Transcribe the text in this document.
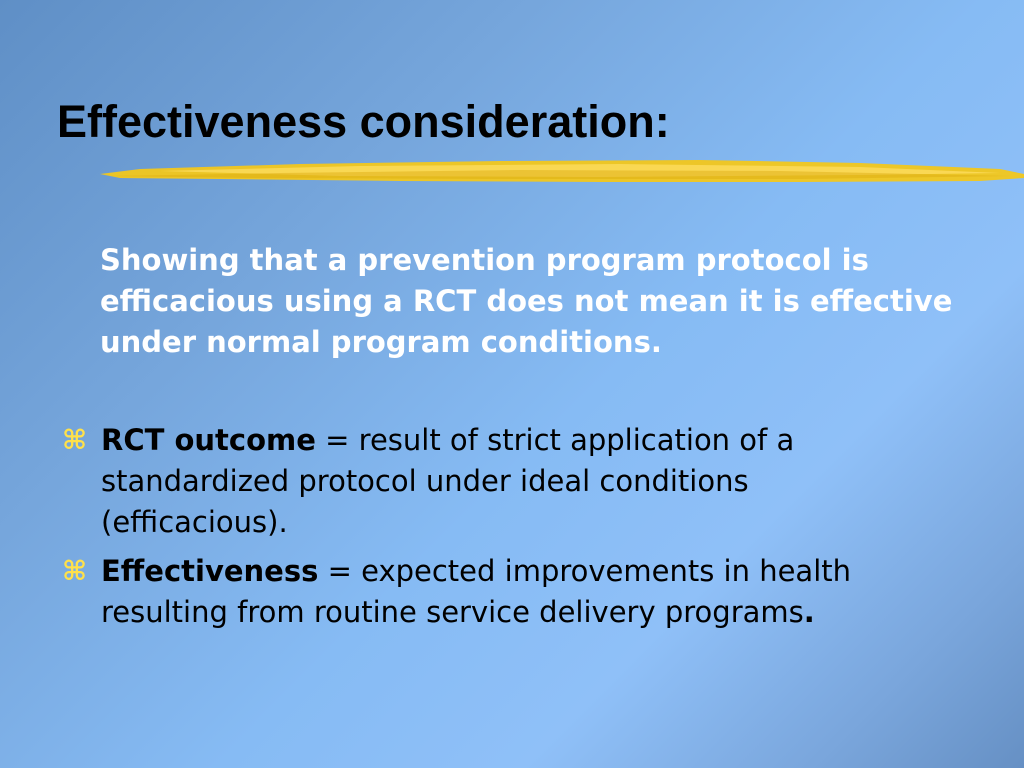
Effectiveness consideration:

Showing that a prevention program protocol is efficacious using a RCT does not mean it is effective under normal program conditions.

⌘ RCT outcome = result of strict application of a standardized protocol under ideal conditions (efficacious).
⌘ Effectiveness = expected improvements in health resulting from routine service delivery programs.
